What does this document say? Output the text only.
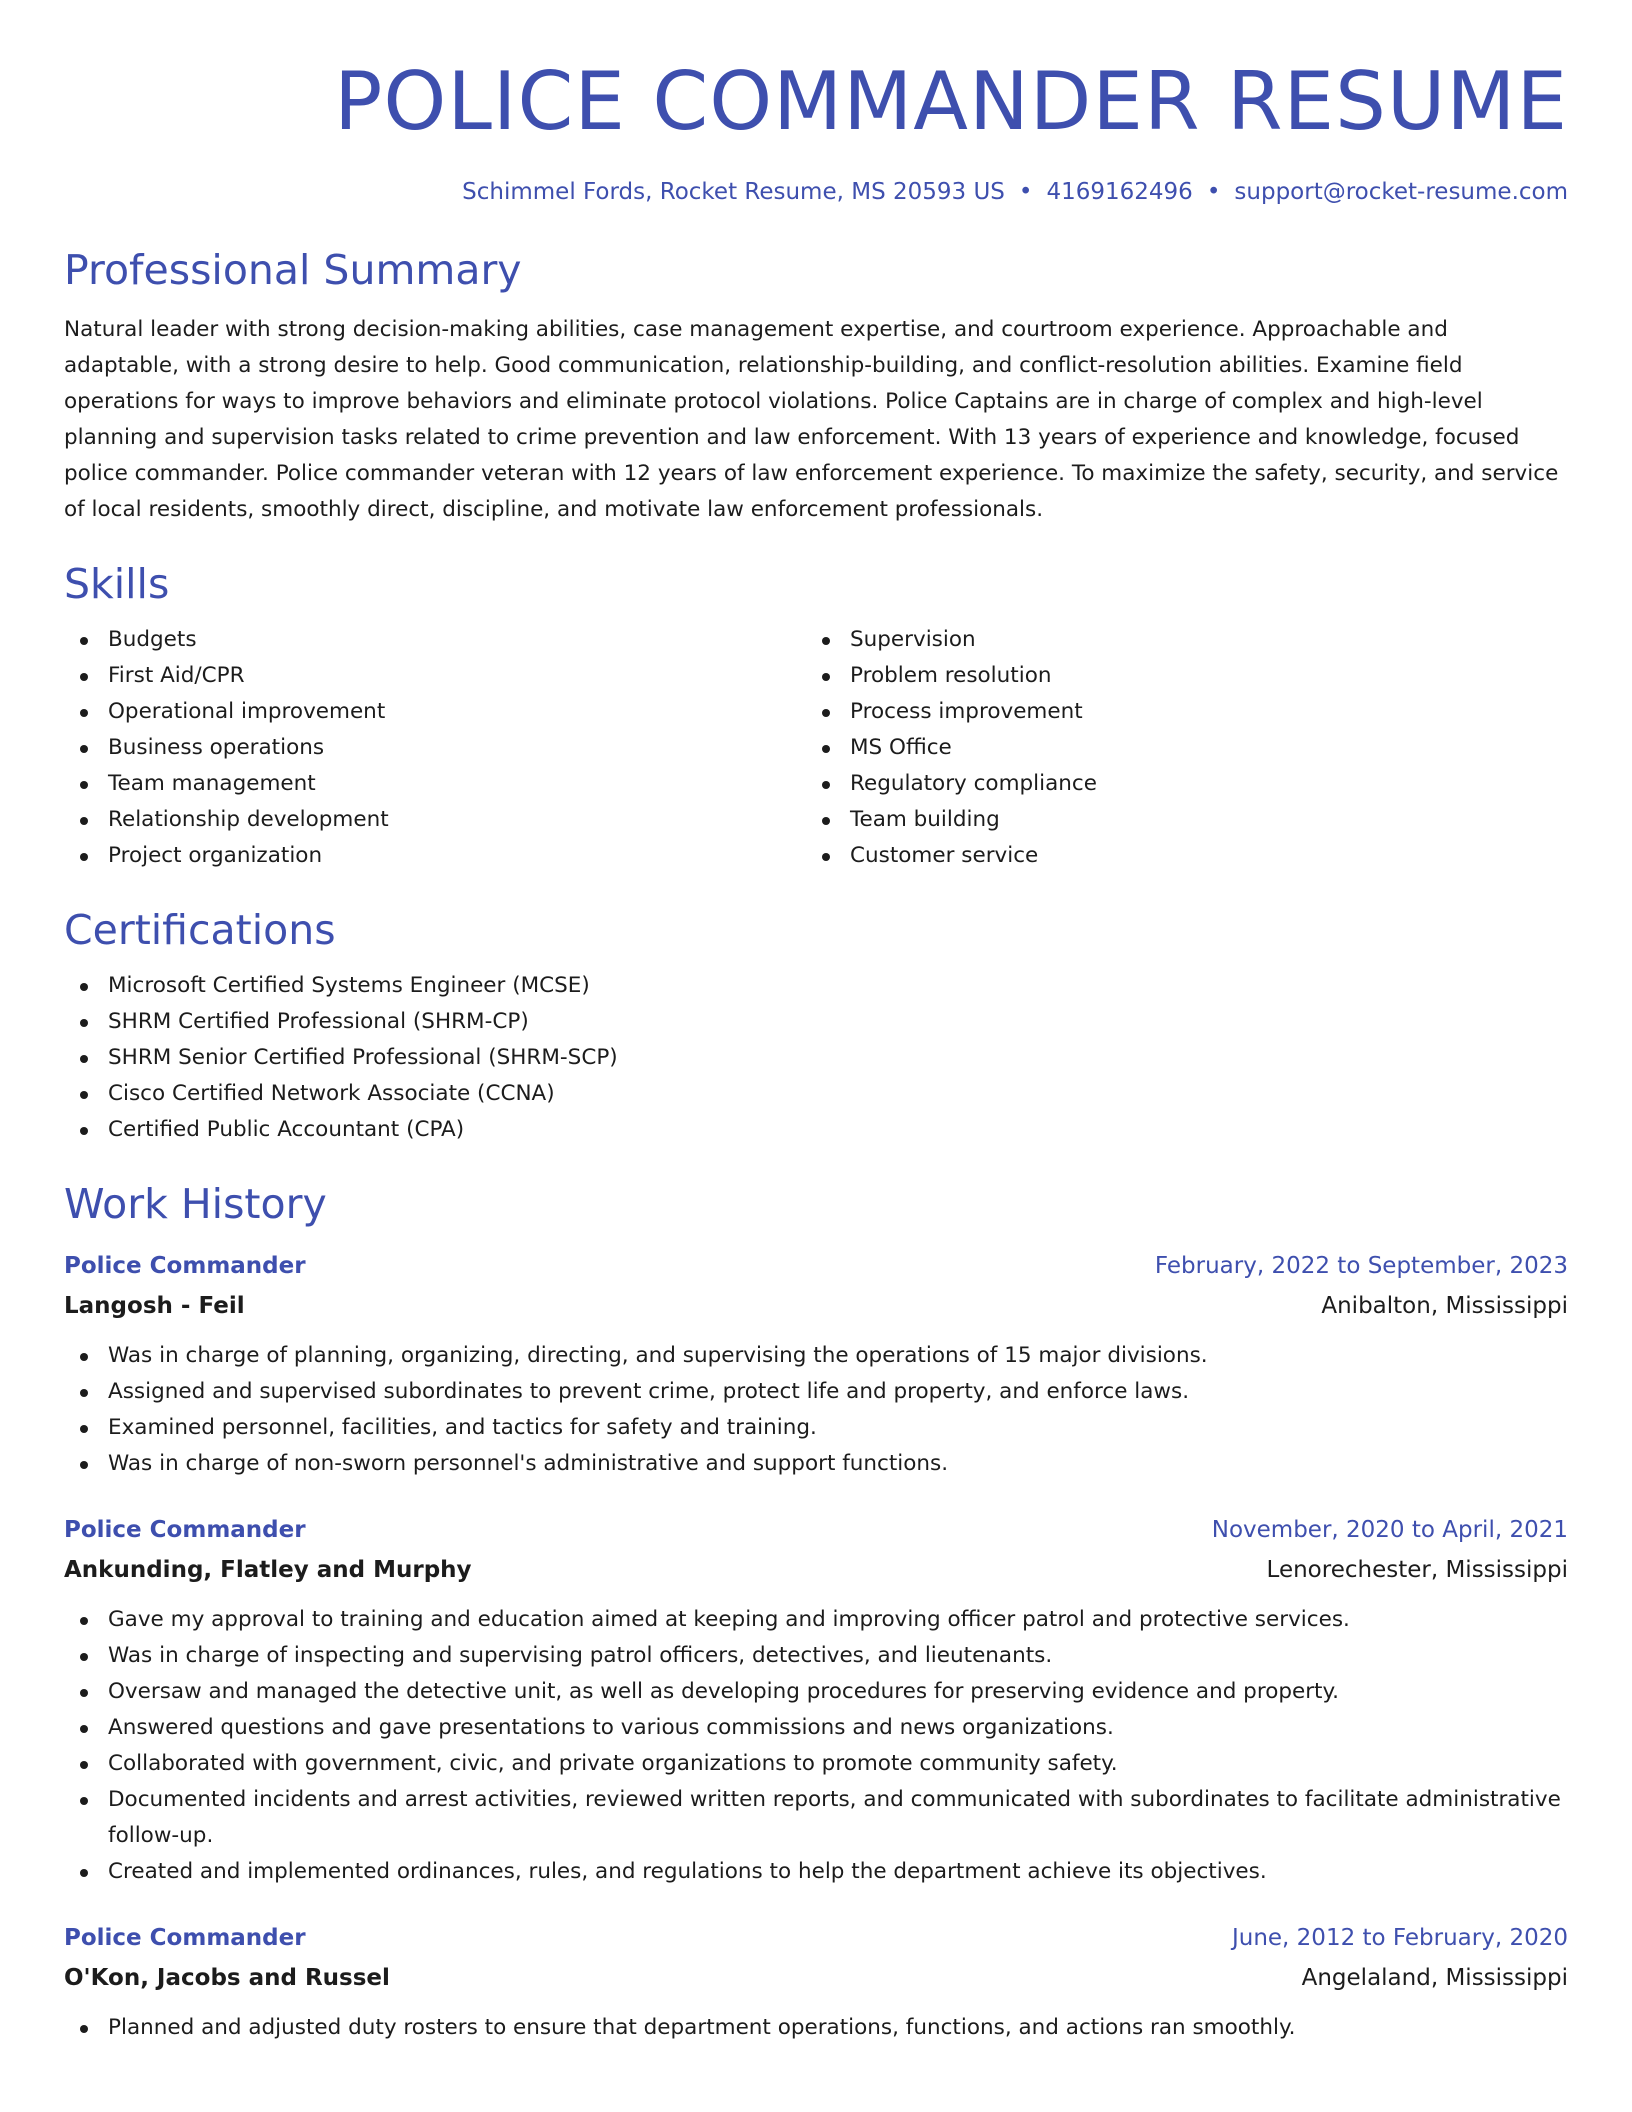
POLICE COMMANDER RESUME
Schimmel Fords, Rocket Resume, MS 20593 US • 4169162496 • support@rocket-resume.com
Professional Summary

Natural leader with strong decision-making abilities, case management expertise, and courtroom experience. Approachable and adaptable, with a strong desire to help. Good communication, relationship-building, and conflict-resolution abilities. Examine field operations for ways to improve behaviors and eliminate protocol violations. Police Captains are in charge of complex and high-level planning and supervision tasks related to crime prevention and law enforcement. With 13 years of experience and knowledge, focused police commander. Police commander veteran with 12 years of law enforcement experience. To maximize the safety, security, and service of local residents, smoothly direct, discipline, and motivate law enforcement professionals.

Skills
Budgets
First Aid/CPR
Operational improvement
Business operations
Team management
Relationship development
Project organization
Supervision
Problem resolution
Process improvement
MS Office
Regulatory compliance
Team building
Customer service
Certifications
Microsoft Certified Systems Engineer (MCSE)
SHRM Certified Professional (SHRM-CP)
SHRM Senior Certified Professional (SHRM-SCP)
Cisco Certified Network Associate (CCNA)
Certified Public Accountant (CPA)
Work History
Police Commander	February, 2022 to September, 2023
Langosh - Feil	Anibalton, Mississippi
Was in charge of planning, organizing, directing, and supervising the operations of 15 major divisions.
Assigned and supervised subordinates to prevent crime, protect life and property, and enforce laws.
Examined personnel, facilities, and tactics for safety and training.
Was in charge of non-sworn personnel's administrative and support functions.
Police Commander	November, 2020 to April, 2021
Ankunding, Flatley and Murphy	Lenorechester, Mississippi
Gave my approval to training and education aimed at keeping and improving officer patrol and protective services.
Was in charge of inspecting and supervising patrol officers, detectives, and lieutenants.
Oversaw and managed the detective unit, as well as developing procedures for preserving evidence and property.
Answered questions and gave presentations to various commissions and news organizations.
Collaborated with government, civic, and private organizations to promote community safety.
Documented incidents and arrest activities, reviewed written reports, and communicated with subordinates to facilitate administrative follow-up.
Created and implemented ordinances, rules, and regulations to help the department achieve its objectives.
Police Commander	June, 2012 to February, 2020
O'Kon, Jacobs and Russel	Angelaland, Mississippi
Planned and adjusted duty rosters to ensure that department operations, functions, and actions ran smoothly.
